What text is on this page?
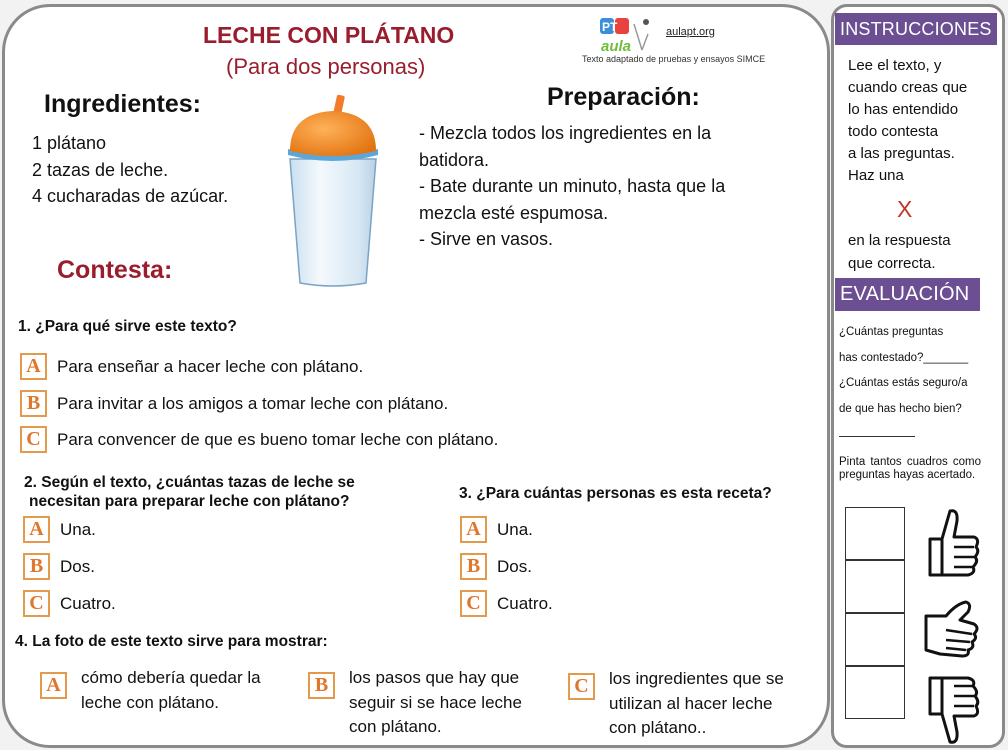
LECHE CON PLÁTANO
(Para dos personas)
PT
aula
aulapt.org
Texto adaptado de pruebas y ensayos SIMCE
Ingredientes:
1 plátano
2 tazas de leche.
4 cucharadas de azúcar.
Preparación:
- Mezcla todos los ingredientes en la
batidora.
- Bate durante un minuto, hasta que la
mezcla esté espumosa.
- Sirve en vasos.
Contesta:
1. ¿Para qué sirve este texto?
A Para enseñar a hacer leche con plátano.
B Para invitar a los amigos a tomar leche con plátano.
C Para convencer de que es bueno tomar leche con plátano.
2. Según el texto, ¿cuántas tazas de leche se
necesitan para preparar leche con plátano?
A Una.
B Dos.
C Cuatro.
3. ¿Para cuántas personas es esta receta?
A Una.
B Dos.
C Cuatro.
4. La foto de este texto sirve para mostrar:
A	cómo debería quedar la
leche con plátano.
B	los pasos que hay que
seguir si se hace leche
con plátano.
C	los ingredientes que se
utilizan al hacer leche
con plátano..
INSTRUCCIONES
Lee el texto, y
cuando creas que
lo has entendido
todo contesta
a las preguntas.
Haz una
X
en la respuesta
que correcta.
EVALUACIÓN
¿Cuántas preguntas
has contestado?_______
¿Cuántas estás seguro/a
de que has hecho bien?
Pinta tantos cuadros como preguntas hayas acertado.
